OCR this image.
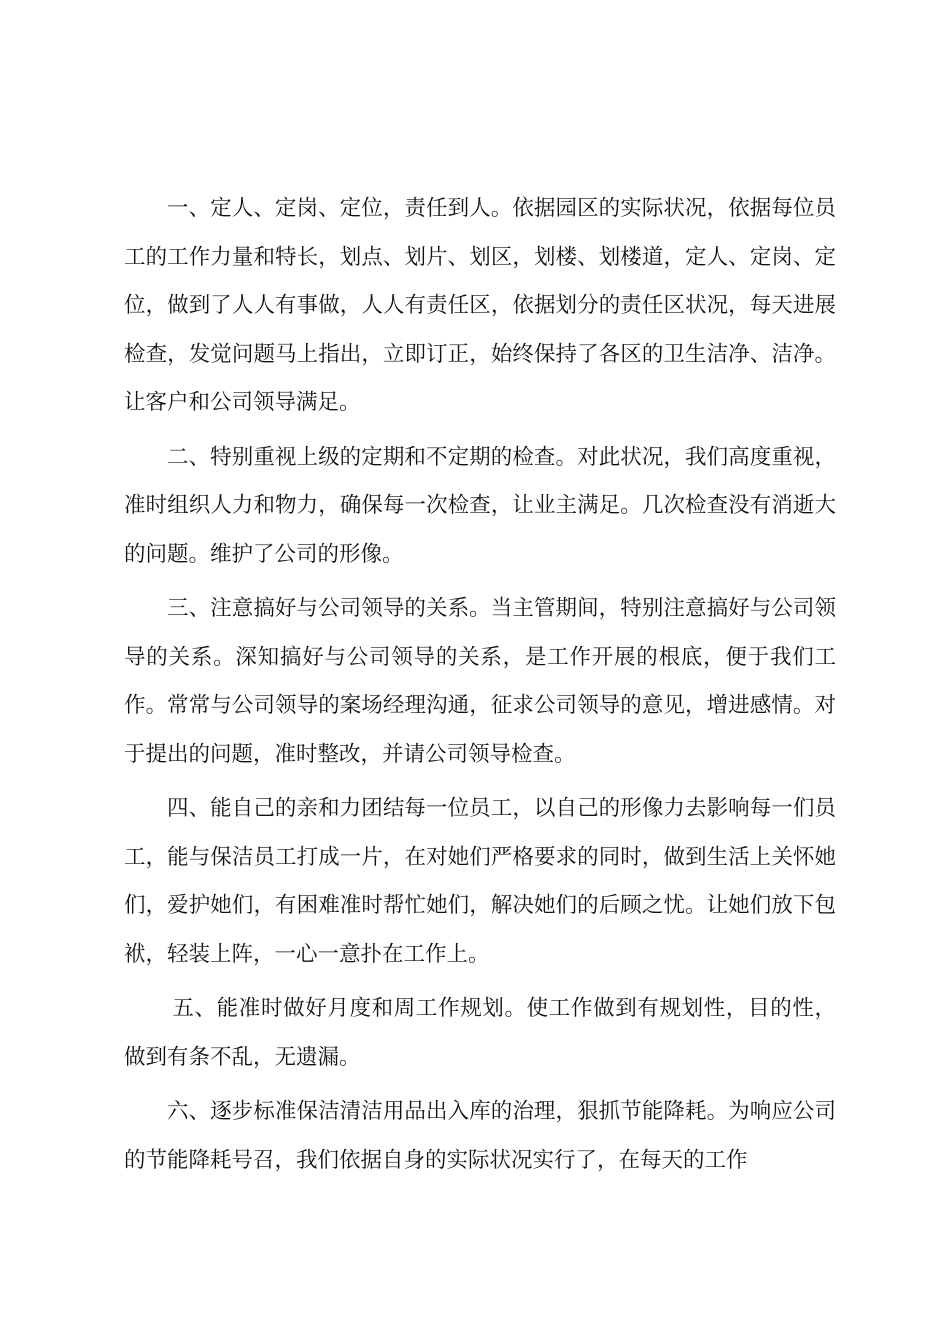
一、定人、定岗、定位，责任到人。依据园区的实际状况，依据每位员工的工作力量和特长，划点、划片、划区，划楼、划楼道，定人、定岗、定位，做到了人人有事做，人人有责任区，依据划分的责任区状况，每天进展检查，发觉问题马上指出，立即订正，始终保持了各区的卫生洁净、洁净。让客户和公司领导满足。

二、特别重视上级的定期和不定期的检查。对此状况，我们高度重视，准时组织人力和物力，确保每一次检查，让业主满足。几次检查没有消逝大的问题。维护了公司的形像。

三、注意搞好与公司领导的关系。当主管期间，特别注意搞好与公司领导的关系。深知搞好与公司领导的关系，是工作开展的根底，便于我们工作。常常与公司领导的案场经理沟通，征求公司领导的意见，增进感情。对于提出的问题，准时整改，并请公司领导检查。

四、能自己的亲和力团结每一位员工，以自己的形像力去影响每一们员工，能与保洁员工打成一片，在对她们严格要求的同时，做到生活上关怀她们，爱护她们，有困难准时帮忙她们，解决她们的后顾之忧。让她们放下包袱，轻装上阵，一心一意扑在工作上。

五、能准时做好月度和周工作规划。使工作做到有规划性，目的性，做到有条不乱，无遗漏。

六、逐步标准保洁清洁用品出入库的治理，狠抓节能降耗。为响应公司的节能降耗号召，我们依据自身的实际状况实行了，在每天的工作
